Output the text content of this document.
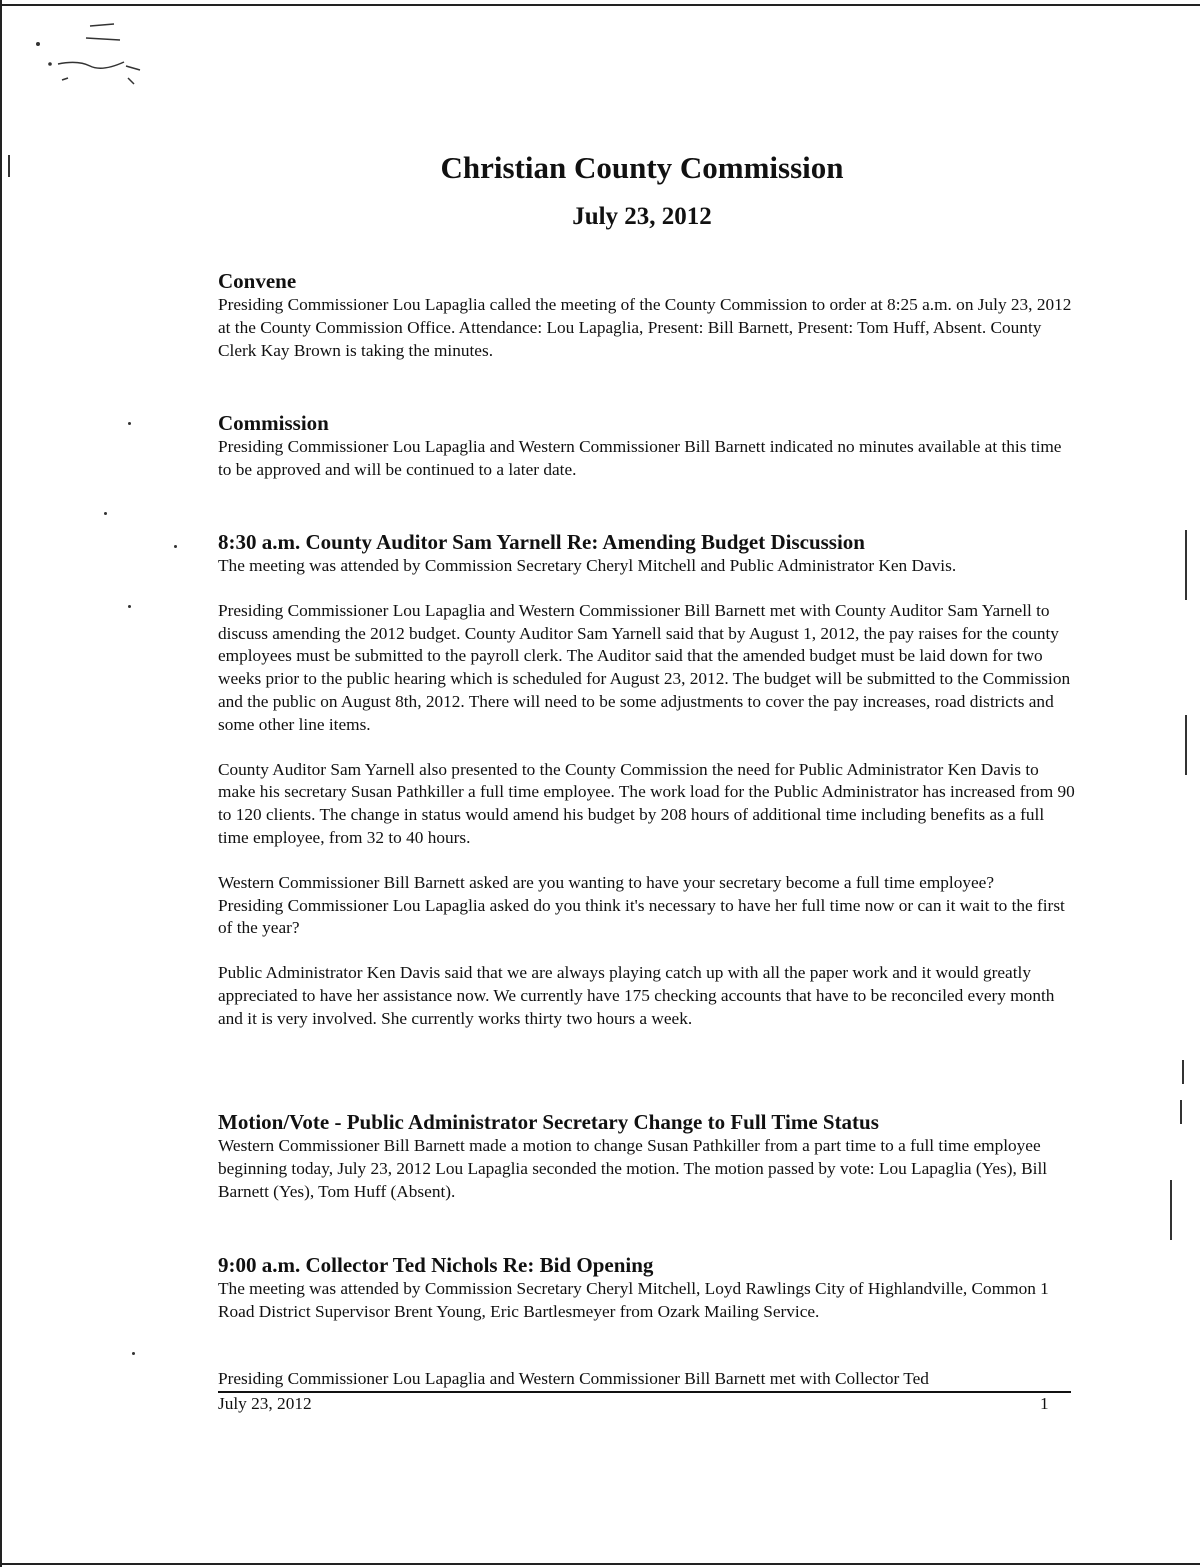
Christian County Commission
July 23, 2012
Convene

Presiding Commissioner Lou Lapaglia called the meeting of the County Commission to order at 8:25 a.m. on July 23, 2012 at the County Commission Office. Attendance: Lou Lapaglia, Present: Bill Barnett, Present: Tom Huff, Absent. County Clerk Kay Brown is taking the minutes.

Commission

Presiding Commissioner Lou Lapaglia and Western Commissioner Bill Barnett indicated no minutes available at this time to be approved and will be continued to a later date.

8:30 a.m. County Auditor Sam Yarnell Re: Amending Budget Discussion

The meeting was attended by Commission Secretary Cheryl Mitchell and Public Administrator Ken Davis.

Presiding Commissioner Lou Lapaglia and Western Commissioner Bill Barnett met with County Auditor Sam Yarnell to discuss amending the 2012 budget. County Auditor Sam Yarnell said that by August 1, 2012, the pay raises for the county employees must be submitted to the payroll clerk. The Auditor said that the amended budget must be laid down for two weeks prior to the public hearing which is scheduled for August 23, 2012. The budget will be submitted to the Commission and the public on August 8th, 2012. There will need to be some adjustments to cover the pay increases, road districts and some other line items.

County Auditor Sam Yarnell also presented to the County Commission the need for Public Administrator Ken Davis to make his secretary Susan Pathkiller a full time employee. The work load for the Public Administrator has increased from 90 to 120 clients. The change in status would amend his budget by 208 hours of additional time including benefits as a full time employee, from 32 to 40 hours.

Western Commissioner Bill Barnett asked are you wanting to have your secretary become a full time employee?

Presiding Commissioner Lou Lapaglia asked do you think it's necessary to have her full time now or can it wait to the first of the year?

Public Administrator Ken Davis said that we are always playing catch up with all the paper work and it would greatly appreciated to have her assistance now. We currently have 175 checking accounts that have to be reconciled every month and it is very involved. She currently works thirty two hours a week.

Motion/Vote - Public Administrator Secretary Change to Full Time Status

Western Commissioner Bill Barnett made a motion to change Susan Pathkiller from a part time to a full time employee beginning today, July 23, 2012 Lou Lapaglia seconded the motion. The motion passed by vote: Lou Lapaglia (Yes), Bill Barnett (Yes), Tom Huff (Absent).

9:00 a.m. Collector Ted Nichols Re: Bid Opening

The meeting was attended by Commission Secretary Cheryl Mitchell, Loyd Rawlings City of Highlandville, Common 1 Road District Supervisor Brent Young, Eric Bartlesmeyer from Ozark Mailing Service.

Presiding Commissioner Lou Lapaglia and Western Commissioner Bill Barnett met with Collector Ted
July 23, 2012	1
